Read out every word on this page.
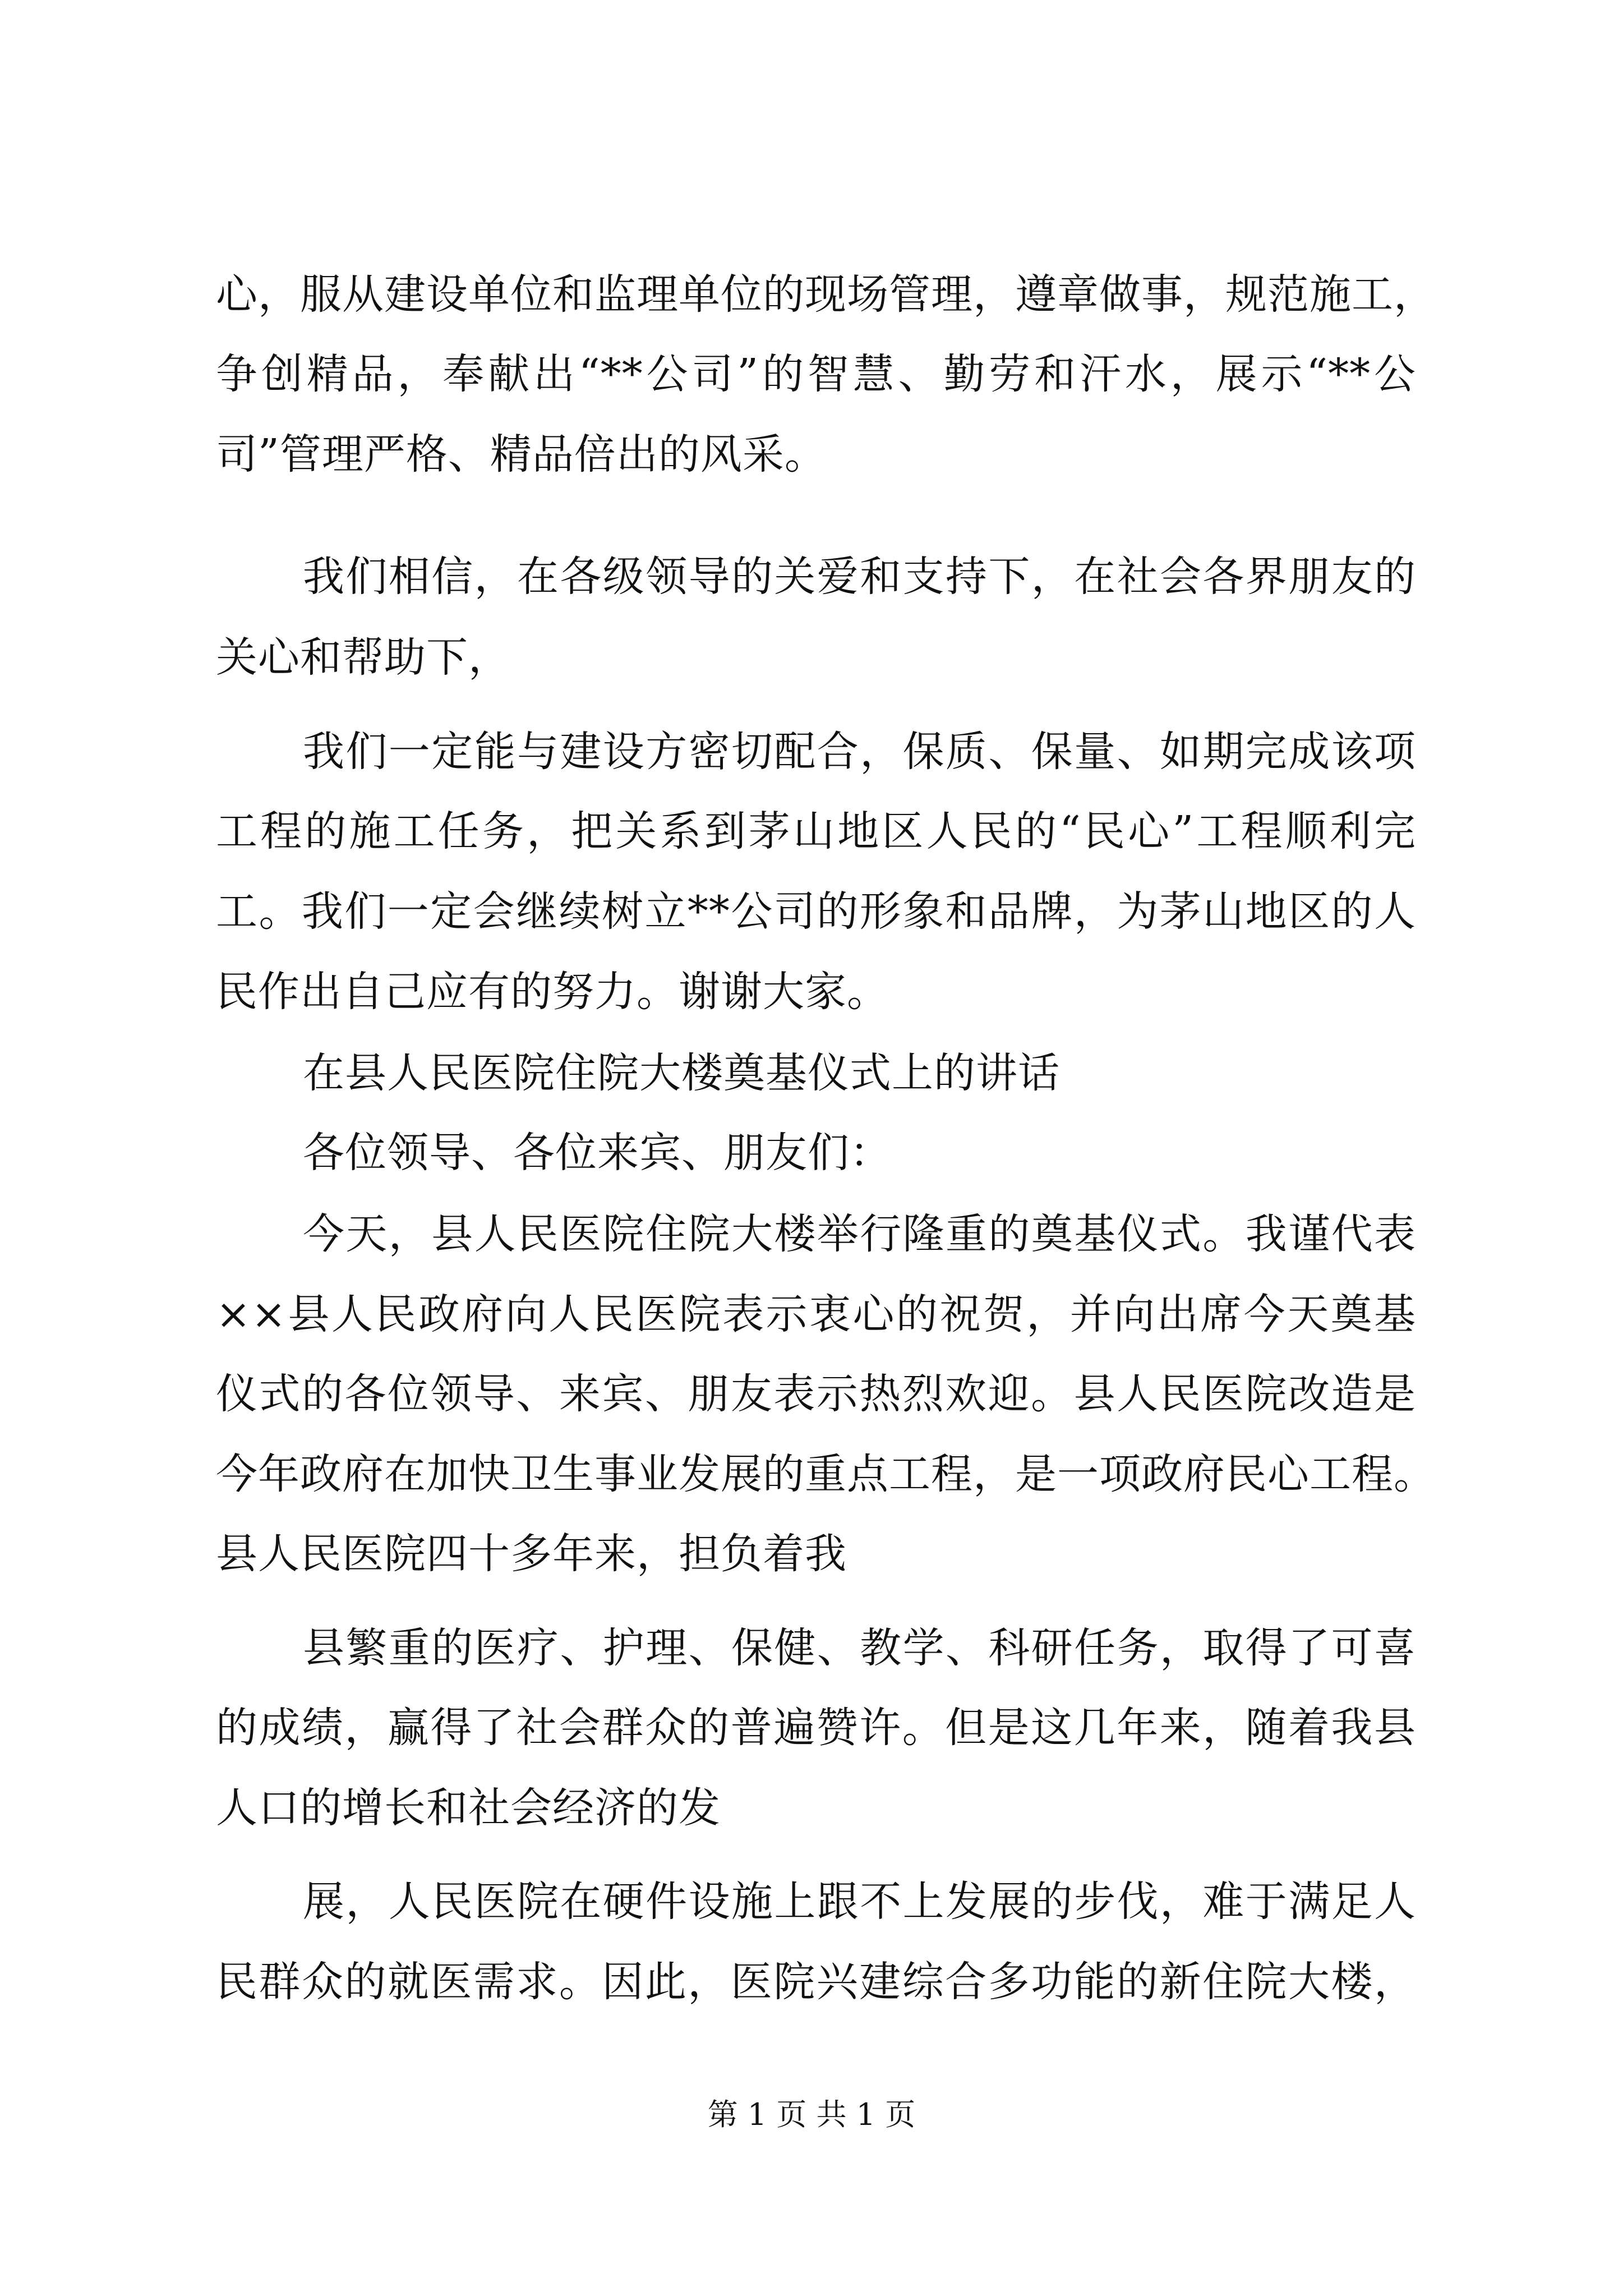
心，服从建设单位和监理单位的现场管理，遵章做事，规范施工，
争创精品，奉献出“**公司”的智慧、勤劳和汗水，展示“**公
司”管理严格、精品倍出的风采。
我们相信，在各级领导的关爱和支持下，在社会各界朋友的
关心和帮助下，
我们一定能与建设方密切配合，保质、保量、如期完成该项
工程的施工任务，把关系到茅山地区人民的“民心”工程顺利完
工。我们一定会继续树立**公司的形象和品牌，为茅山地区的人
民作出自己应有的努力。谢谢大家。
在县人民医院住院大楼奠基仪式上的讲话
各位领导、各位来宾、朋友们：
今天，县人民医院住院大楼举行隆重的奠基仪式。我谨代表
××县人民政府向人民医院表示衷心的祝贺，并向出席今天奠基
仪式的各位领导、来宾、朋友表示热烈欢迎。县人民医院改造是
今年政府在加快卫生事业发展的重点工程，是一项政府民心工程。
县人民医院四十多年来，担负着我
县繁重的医疗、护理、保健、教学、科研任务，取得了可喜
的成绩，赢得了社会群众的普遍赞许。但是这几年来，随着我县
人口的增长和社会经济的发
展，人民医院在硬件设施上跟不上发展的步伐，难于满足人
民群众的就医需求。因此，医院兴建综合多功能的新住院大楼，
第 1 页 共 1 页
